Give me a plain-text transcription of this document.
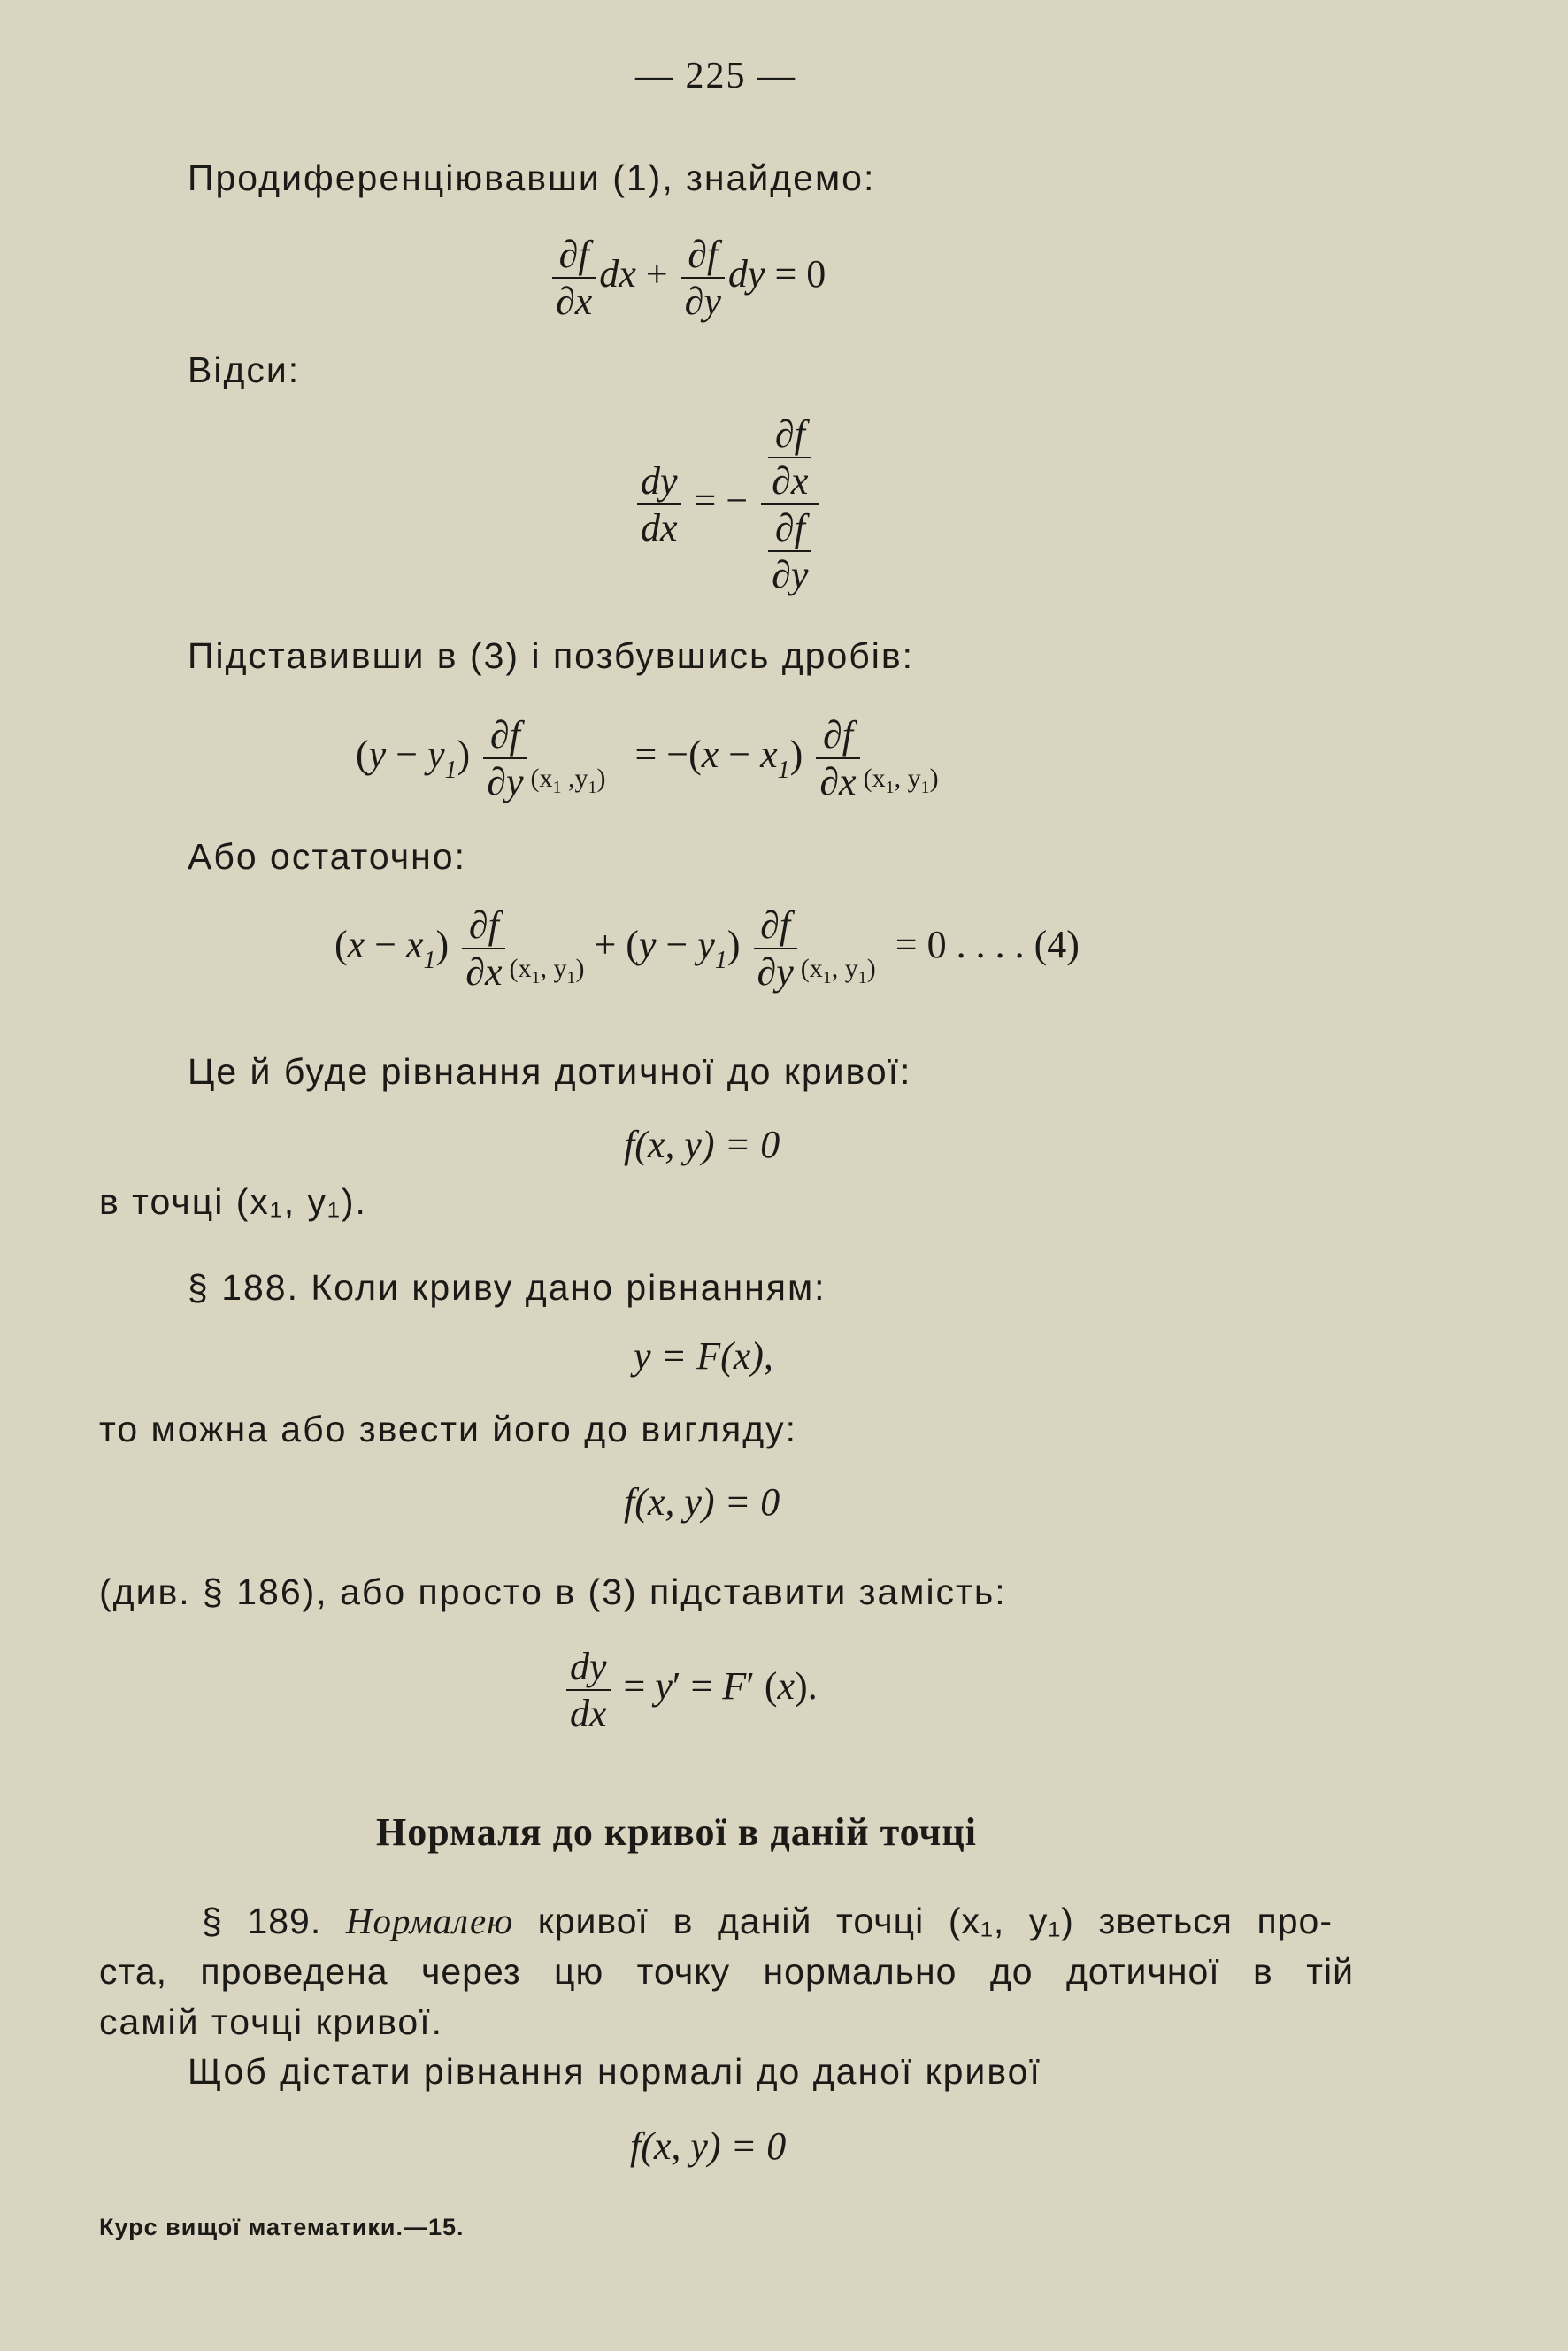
— 225 —
Продиференціювавши (1), знайдемо:
$\frac{\partial f}{\partial x}$ dx + $\frac{\partial f}{\partial y}$ dy = 0
Відси:
$\frac{dy}{dx}$ = − $\frac{\frac{\partial f}{\partial x}}{\frac{\partial f}{\partial y}}$
Підставивши в (3) і позбувшись дробів:
$(y - y_1) \frac{\partial f}{\partial y} _{(x_1 ,y_1)} = -(x - x_1) \frac{\partial f}{\partial x} _{(x_1, y_1)}$
Або остаточно:
$(x - x_1) \frac{\partial f}{\partial x} _{(x_1, y_1)} + (y - y_1) \frac{\partial f}{\partial y} _{(x_1, y_1)} = 0$ . . . . (4)
Це й буде рівнання дотичної до кривої:
f(x, y) = 0
в точці (x₁, y₁).
§ 188. Коли криву дано рівнанням:
y = F(x),
то можна або звести його до вигляду:
f(x, y) = 0
(див. § 186), або просто в (3) підставити замість:
$\frac{dy}{dx} = y' = F'$ (x).
Нормаля до кривої в даній точці
§ 189. Нормалею кривої в даній точці (x₁, y₁) зветься про-
ста, проведена через цю точку нормально до дотичної в тій
самій точці кривої.
Щоб дістати рівнання нормалі до даної кривої
f(x, y) = 0
Курс вищої математики.—15.
